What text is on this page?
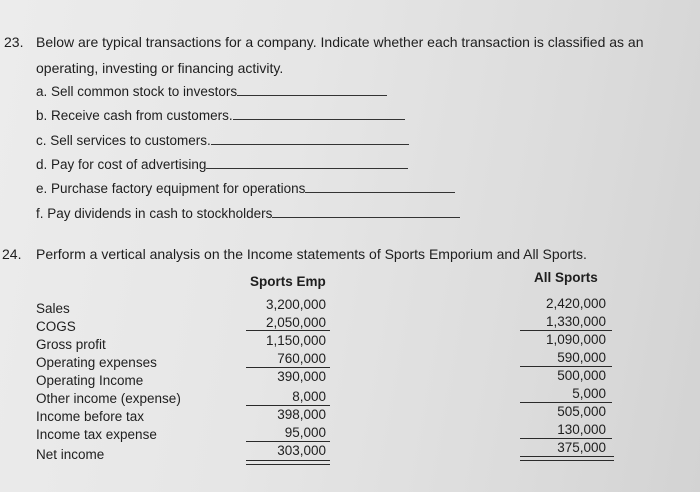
23. Below are typical transactions for a company. Indicate whether each transaction is classified as an
operating, investing or financing activity.
a. Sell common stock to investors
b. Receive cash from customers.
c. Sell services to customers.
d. Pay for cost of advertising
e. Purchase factory equipment for operations
f. Pay dividends in cash to stockholders
24. Perform a vertical analysis on the Income statements of Sports Emporium and All Sports.
Sports Emp	All Sports
Sales
COGS
Gross profit
Operating expenses
Operating Income
Other income (expense)
Income before tax
Income tax expense
Net income
3,200,000
2,050,000
1,150,000
760,000
390,000
8,000
398,000
95,000
303,000
2,420,000
1,330,000
1,090,000
590,000
500,000
5,000
505,000
130,000
375,000
